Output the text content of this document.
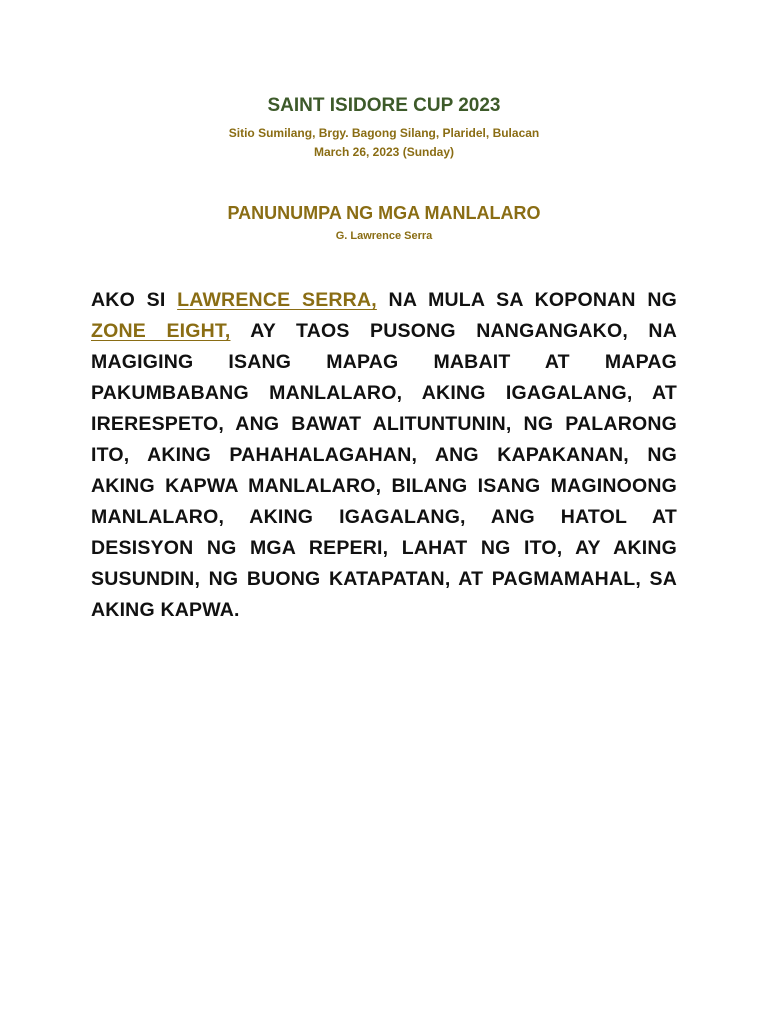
SAINT ISIDORE CUP 2023
Sitio Sumilang, Brgy. Bagong Silang, Plaridel, Bulacan
March 26, 2023 (Sunday)
PANUNUMPA NG MGA MANLALARO
G. Lawrence Serra

AKO SI LAWRENCE SERRA, NA MULA SA KOPONAN NG ZONE EIGHT, AY TAOS PUSONG NANGANGAKO, NA MAGIGING ISANG MAPAG MABAIT AT MAPAG PAKUMBABANG MANLALARO, AKING IGAGALANG, AT IRERESPETO, ANG BAWAT ALITUNTUNIN, NG PALARONG ITO, AKING PAHAHALAGAHAN, ANG KAPAKANAN, NG AKING KAPWA MANLALARO, BILANG ISANG MAGINOONG MANLALARO, AKING IGAGALANG, ANG HATOL AT DESISYON NG MGA REPERI, LAHAT NG ITO, AY AKING SUSUNDIN, NG BUONG KATAPATAN, AT PAGMAMAHAL, SA AKING KAPWA.
